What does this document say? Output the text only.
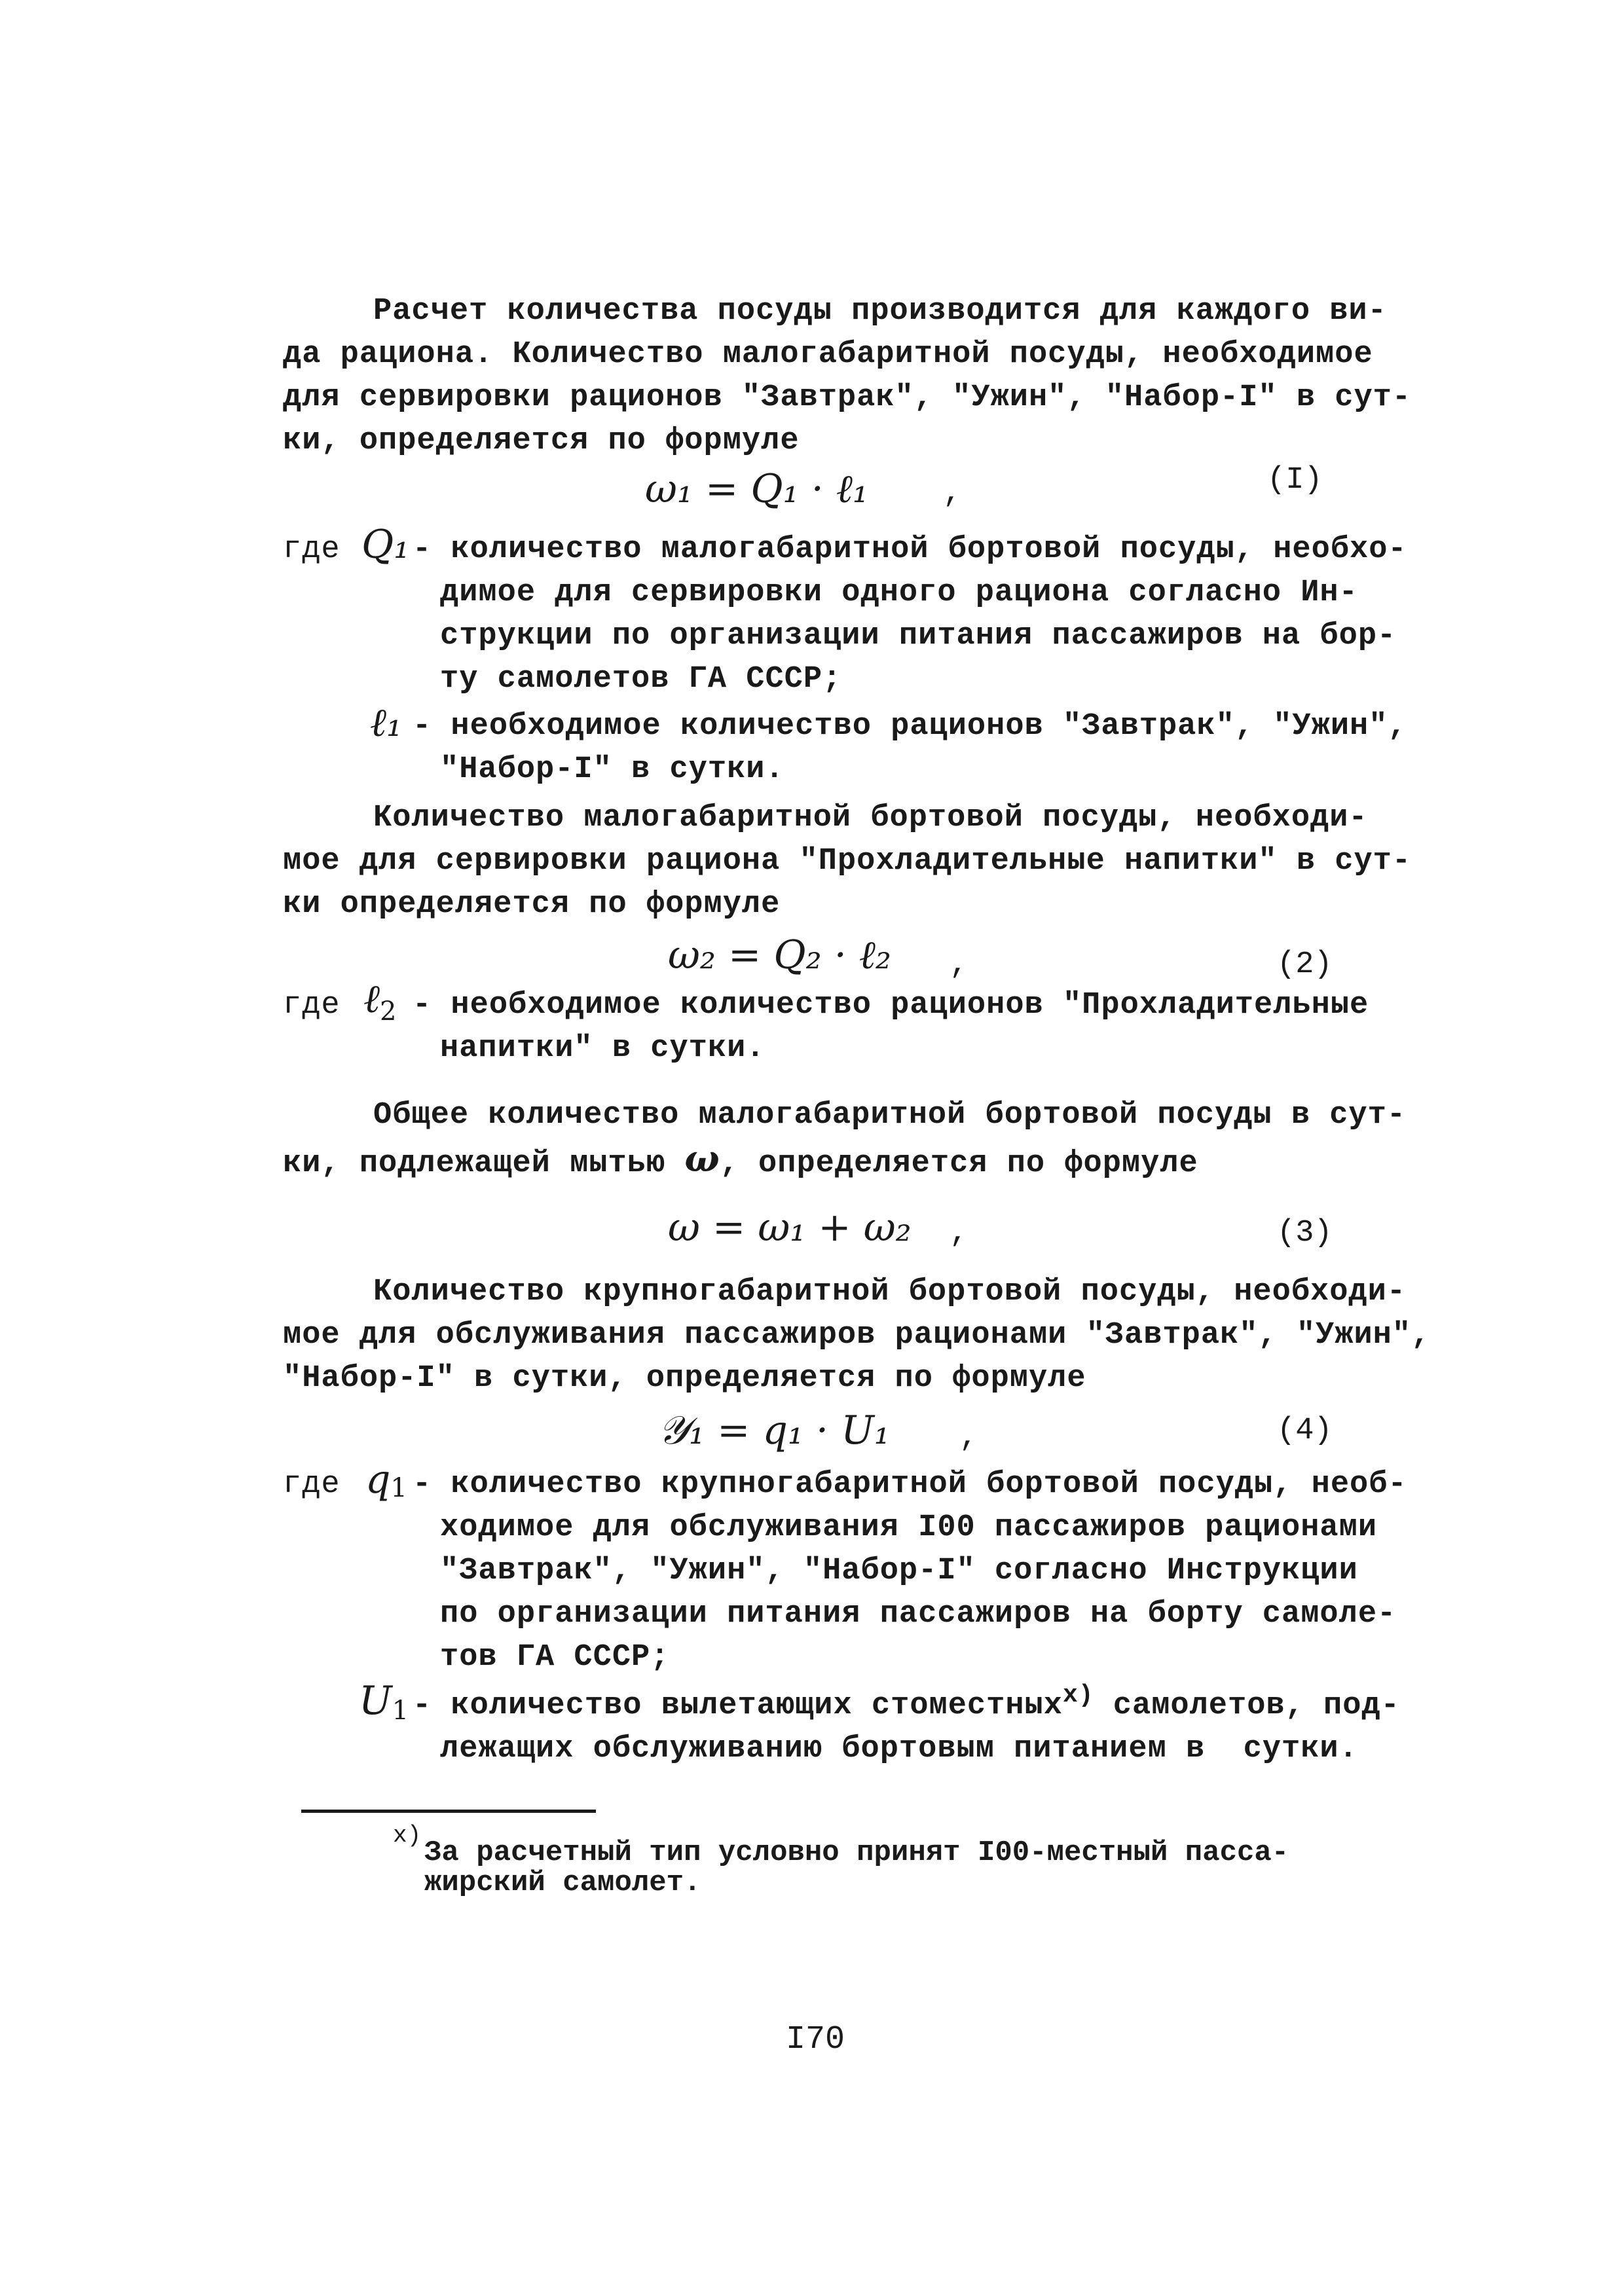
Расчет количества посуды производится для каждого ви-
да рациона. Количество малогабаритной посуды, необходимое
для сервировки рационов "Завтрак", "Ужин", "Набор-I" в сут-
ки, определяется по формуле
ω₁ = Q₁ · ℓ₁ ,	(I)
где Q₁ - количество малогабаритной бортовой посуды, необхо-
димое для сервировки одного рациона согласно Ин-
струкции по организации питания пассажиров на бор-
ту самолетов ГА СССР;
ℓ₁ - необходимое количество рационов "Завтрак", "Ужин",
"Набор-I" в сутки.
Количество малогабаритной бортовой посуды, необходи-
мое для сервировки рациона "Прохладительные напитки" в сут-
ки определяется по формуле
ω₂ = Q₂ · ℓ₂ ,	(2)
где ℓ$_2$ - необходимое количество рационов "Прохладительные
напитки" в сутки.
Общее количество малогабаритной бортовой посуды в сут-
ки, подлежащей мытью ω, определяется по формуле
ω = ω₁ + ω₂ ,	(3)
Количество крупногабаритной бортовой посуды, необходи-
мое для обслуживания пассажиров рационами "Завтрак", "Ужин",
"Набор-I" в сутки, определяется по формуле
𝒴₁ = q₁ · U₁ ,	(4)
где q1 - количество крупногабаритной бортовой посуды, необ-
ходимое для обслуживания I00 пассажиров рационами
"Завтрак", "Ужин", "Набор-I" согласно Инструкции
по организации питания пассажиров на борту самоле-
тов ГА СССР;
U1 - количество вылетающих стоместных$^{x)}$ самолетов, под-
лежащих обслуживанию бортовым питанием в  сутки.
x)
За расчетный тип условно принят I00-местный пасса-
жирский самолет.
I70
